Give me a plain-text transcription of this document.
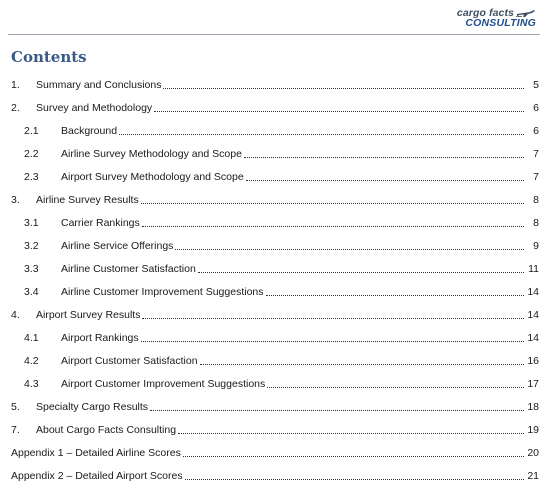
cargo facts
CONSULTING
Contents
1. Summary and Conclusions	5
2. Survey and Methodology	6
2.1 Background	6
2.2 Airline Survey Methodology and Scope	7
2.3 Airport Survey Methodology and Scope	7
3. Airline Survey Results	8
3.1 Carrier Rankings	8
3.2 Airline Service Offerings	9
3.3 Airline Customer Satisfaction	11
3.4 Airline Customer Improvement Suggestions	14
4. Airport Survey Results	14
4.1 Airport Rankings	14
4.2 Airport Customer Satisfaction	16
4.3 Airport Customer Improvement Suggestions	17
5. Specialty Cargo Results	18
7. About Cargo Facts Consulting	19
Appendix 1 – Detailed Airline Scores	20
Appendix 2 – Detailed Airport Scores	21
